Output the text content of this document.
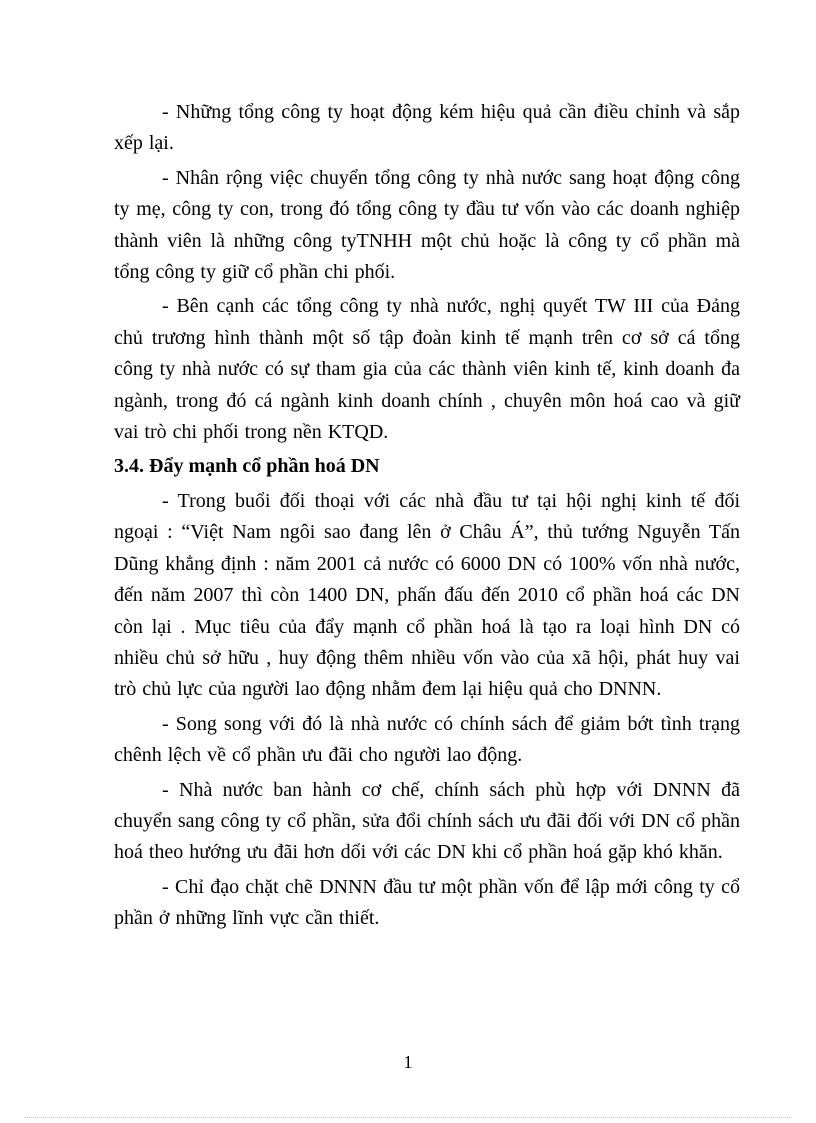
- Những tổng công ty hoạt động kém hiệu quả cần điều chỉnh và sắp xếp lại.

- Nhân rộng việc chuyển tổng công ty nhà nước sang hoạt động công ty mẹ, công ty con, trong đó tổng công ty đầu tư vốn vào các doanh nghiệp thành viên là những công tyTNHH một chủ hoặc là công ty cổ phần mà tổng công ty giữ cổ phần chi phối.

- Bên cạnh các tổng công ty nhà nước, nghị quyết TW III của Đảng chủ trương hình thành một số tập đoàn kinh tế mạnh trên cơ sở cá tổng công ty nhà nước có sự tham gia của các thành viên kinh tế, kinh doanh đa ngành, trong đó cá ngành kinh doanh chính , chuyên môn hoá cao và giữ vai trò chi phối trong nền KTQD.

3.4. Đẩy mạnh cổ phần hoá DN

- Trong buổi đối thoại với các nhà đầu tư tại hội nghị kinh tế đối ngoại : “Việt Nam ngôi sao đang lên ở Châu Á”, thủ tướng Nguyễn Tấn Dũng khẳng định : năm 2001 cả nước có 6000 DN có 100% vốn nhà nước, đến năm 2007 thì còn 1400 DN, phấn đấu đến 2010 cổ phần hoá các DN còn lại . Mục tiêu của đẩy mạnh cổ phần hoá là tạo ra loại hình DN có nhiều chủ sở hữu , huy động thêm nhiều vốn vào của xã hội, phát huy vai trò chủ lực của người lao động nhằm đem lại hiệu quả cho DNNN.

- Song song với đó là nhà nước có chính sách để giảm bớt tình trạng chênh lệch về cổ phần ưu đãi cho người lao động.

- Nhà nước ban hành cơ chế, chính sách phù hợp với DNNN đã chuyển sang công ty cổ phần, sửa đổi chính sách ưu đãi đối với DN cổ phần hoá theo hướng ưu đãi hơn dối với các DN khi cổ phần hoá gặp khó khăn.

- Chỉ đạo chặt chẽ DNNN đầu tư một phần vốn để lập mới công ty cổ phần ở những lĩnh vực cần thiết.

1
